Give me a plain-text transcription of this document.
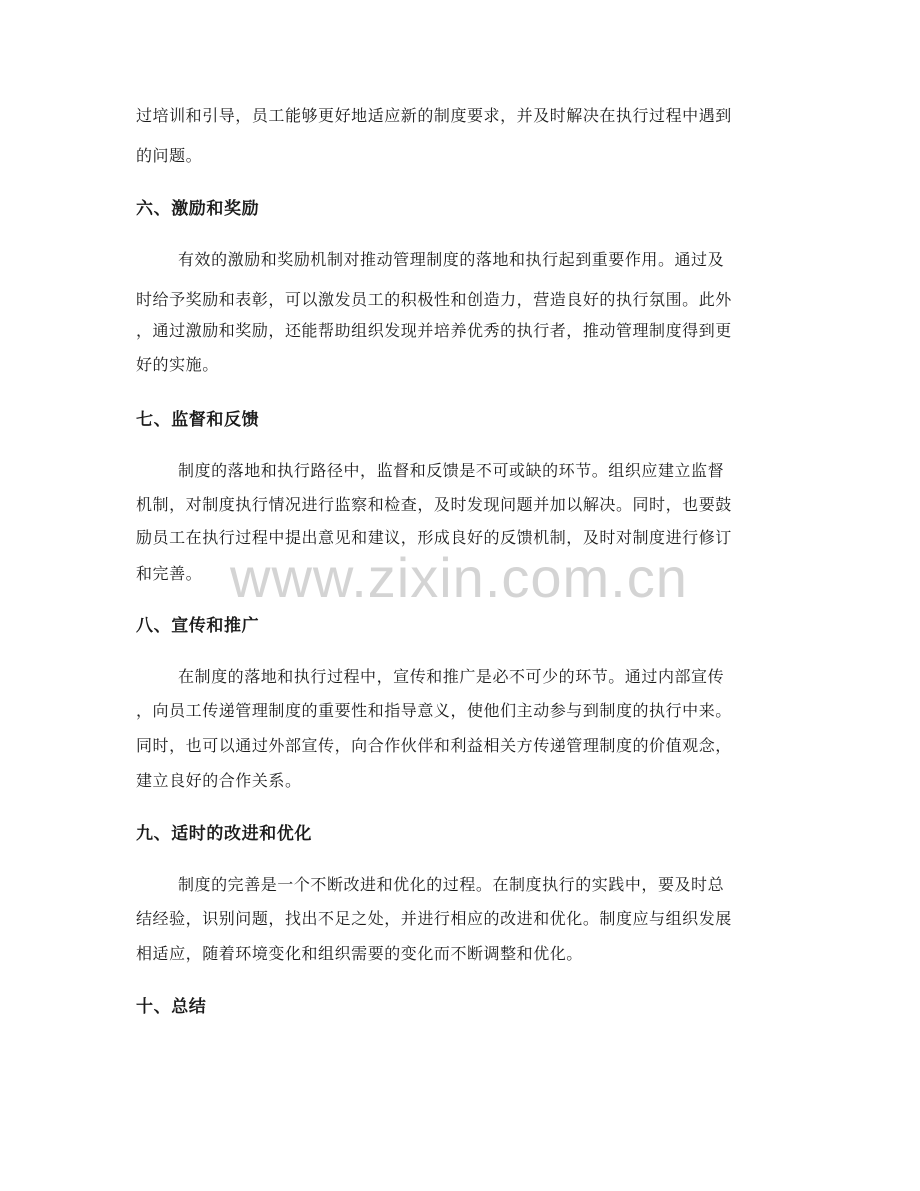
过培训和引导，员工能够更好地适应新的制度要求，并及时解决在执行过程中遇到
的问题。
六、激励和奖励
有效的激励和奖励机制对推动管理制度的落地和执行起到重要作用。通过及
时给予奖励和表彰，可以激发员工的积极性和创造力，营造良好的执行氛围。此外
，通过激励和奖励，还能帮助组织发现并培养优秀的执行者，推动管理制度得到更
好的实施。
七、监督和反馈
制度的落地和执行路径中，监督和反馈是不可或缺的环节。组织应建立监督
机制，对制度执行情况进行监察和检查，及时发现问题并加以解决。同时，也要鼓
励员工在执行过程中提出意见和建议，形成良好的反馈机制，及时对制度进行修订
和完善。 www.zixin.com.cn
八、宣传和推广
在制度的落地和执行过程中，宣传和推广是必不可少的环节。通过内部宣传
，向员工传递管理制度的重要性和指导意义，使他们主动参与到制度的执行中来。
同时，也可以通过外部宣传，向合作伙伴和利益相关方传递管理制度的价值观念，
建立良好的合作关系。
九、适时的改进和优化
制度的完善是一个不断改进和优化的过程。在制度执行的实践中，要及时总
结经验，识别问题，找出不足之处，并进行相应的改进和优化。制度应与组织发展
相适应，随着环境变化和组织需要的变化而不断调整和优化。
十、总结
